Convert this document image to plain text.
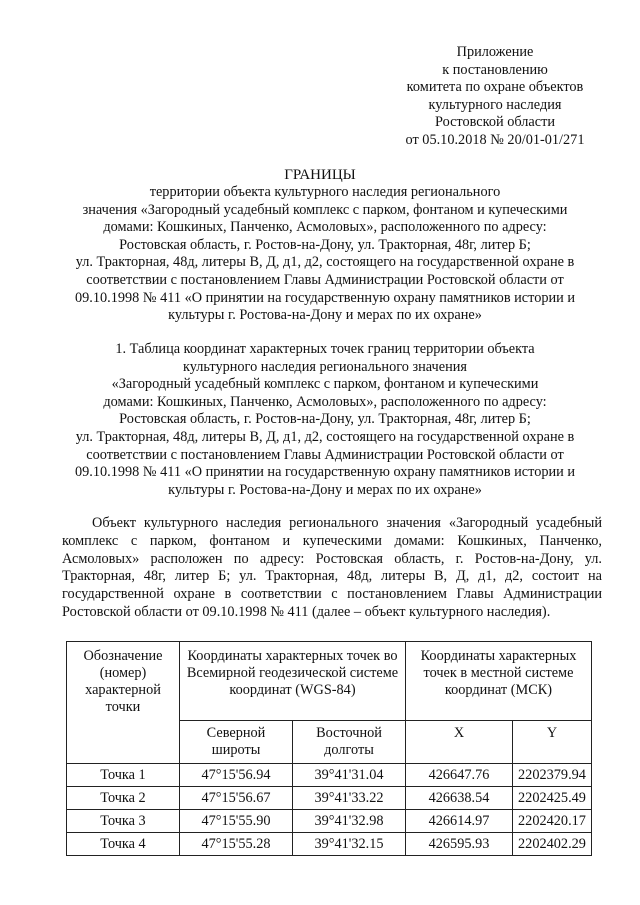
Приложение
к постановлению
комитета по охране объектов
культурного наследия
Ростовской области
от 05.10.2018 № 20/01-01/271
ГРАНИЦЫ
территории объекта культурного наследия регионального
значения «Загородный усадебный комплекс с парком, фонтаном и купеческими
домами: Кошкиных, Панченко, Асмоловых», расположенного по адресу:
Ростовская область, г. Ростов-на-Дону, ул. Тракторная, 48г, литер Б;
ул. Тракторная, 48д, литеры В, Д, д1, д2, состоящего на государственной охране в
соответствии с постановлением Главы Администрации Ростовской области от
09.10.1998 № 411 «О принятии на государственную охрану памятников истории и
культуры г. Ростова-на-Дону и мерах по их охране»
1. Таблица координат характерных точек границ территории объекта
культурного наследия регионального значения
«Загородный усадебный комплекс с парком, фонтаном и купеческими
домами: Кошкиных, Панченко, Асмоловых», расположенного по адресу:
Ростовская область, г. Ростов-на-Дону, ул. Тракторная, 48г, литер Б;
ул. Тракторная, 48д, литеры В, Д, д1, д2, состоящего на государственной охране в
соответствии с постановлением Главы Администрации Ростовской области от
09.10.1998 № 411 «О принятии на государственную охрану памятников истории и
культуры г. Ростова-на-Дону и мерах по их охране»
Объект культурного наследия регионального значения «Загородный усадебный комплекс с парком, фонтаном и купеческими домами: Кошкиных, Панченко, Асмоловых» расположен по адресу: Ростовская область, г. Ростов-на-Дону, ул. Тракторная, 48г, литер Б; ул. Тракторная, 48д, литеры В, Д, д1, д2, состоит на государственной охране в соответствии с постановлением Главы Администрации Ростовской области от 09.10.1998 № 411 (далее – объект культурного наследия).
Обозначение (номер) характерной точки	Координаты характерных точек во Всемирной геодезической системе координат (WGS-84)		Координаты характерных точек в местной системе координат (МСК)	
	Северной широты	Восточной долготы	X	Y
Точка 1	47°15'56.94	39°41'31.04	426647.76	2202379.94
Точка 2	47°15'56.67	39°41'33.22	426638.54	2202425.49
Точка 3	47°15'55.90	39°41'32.98	426614.97	2202420.17
Точка 4	47°15'55.28	39°41'32.15	426595.93	2202402.29
